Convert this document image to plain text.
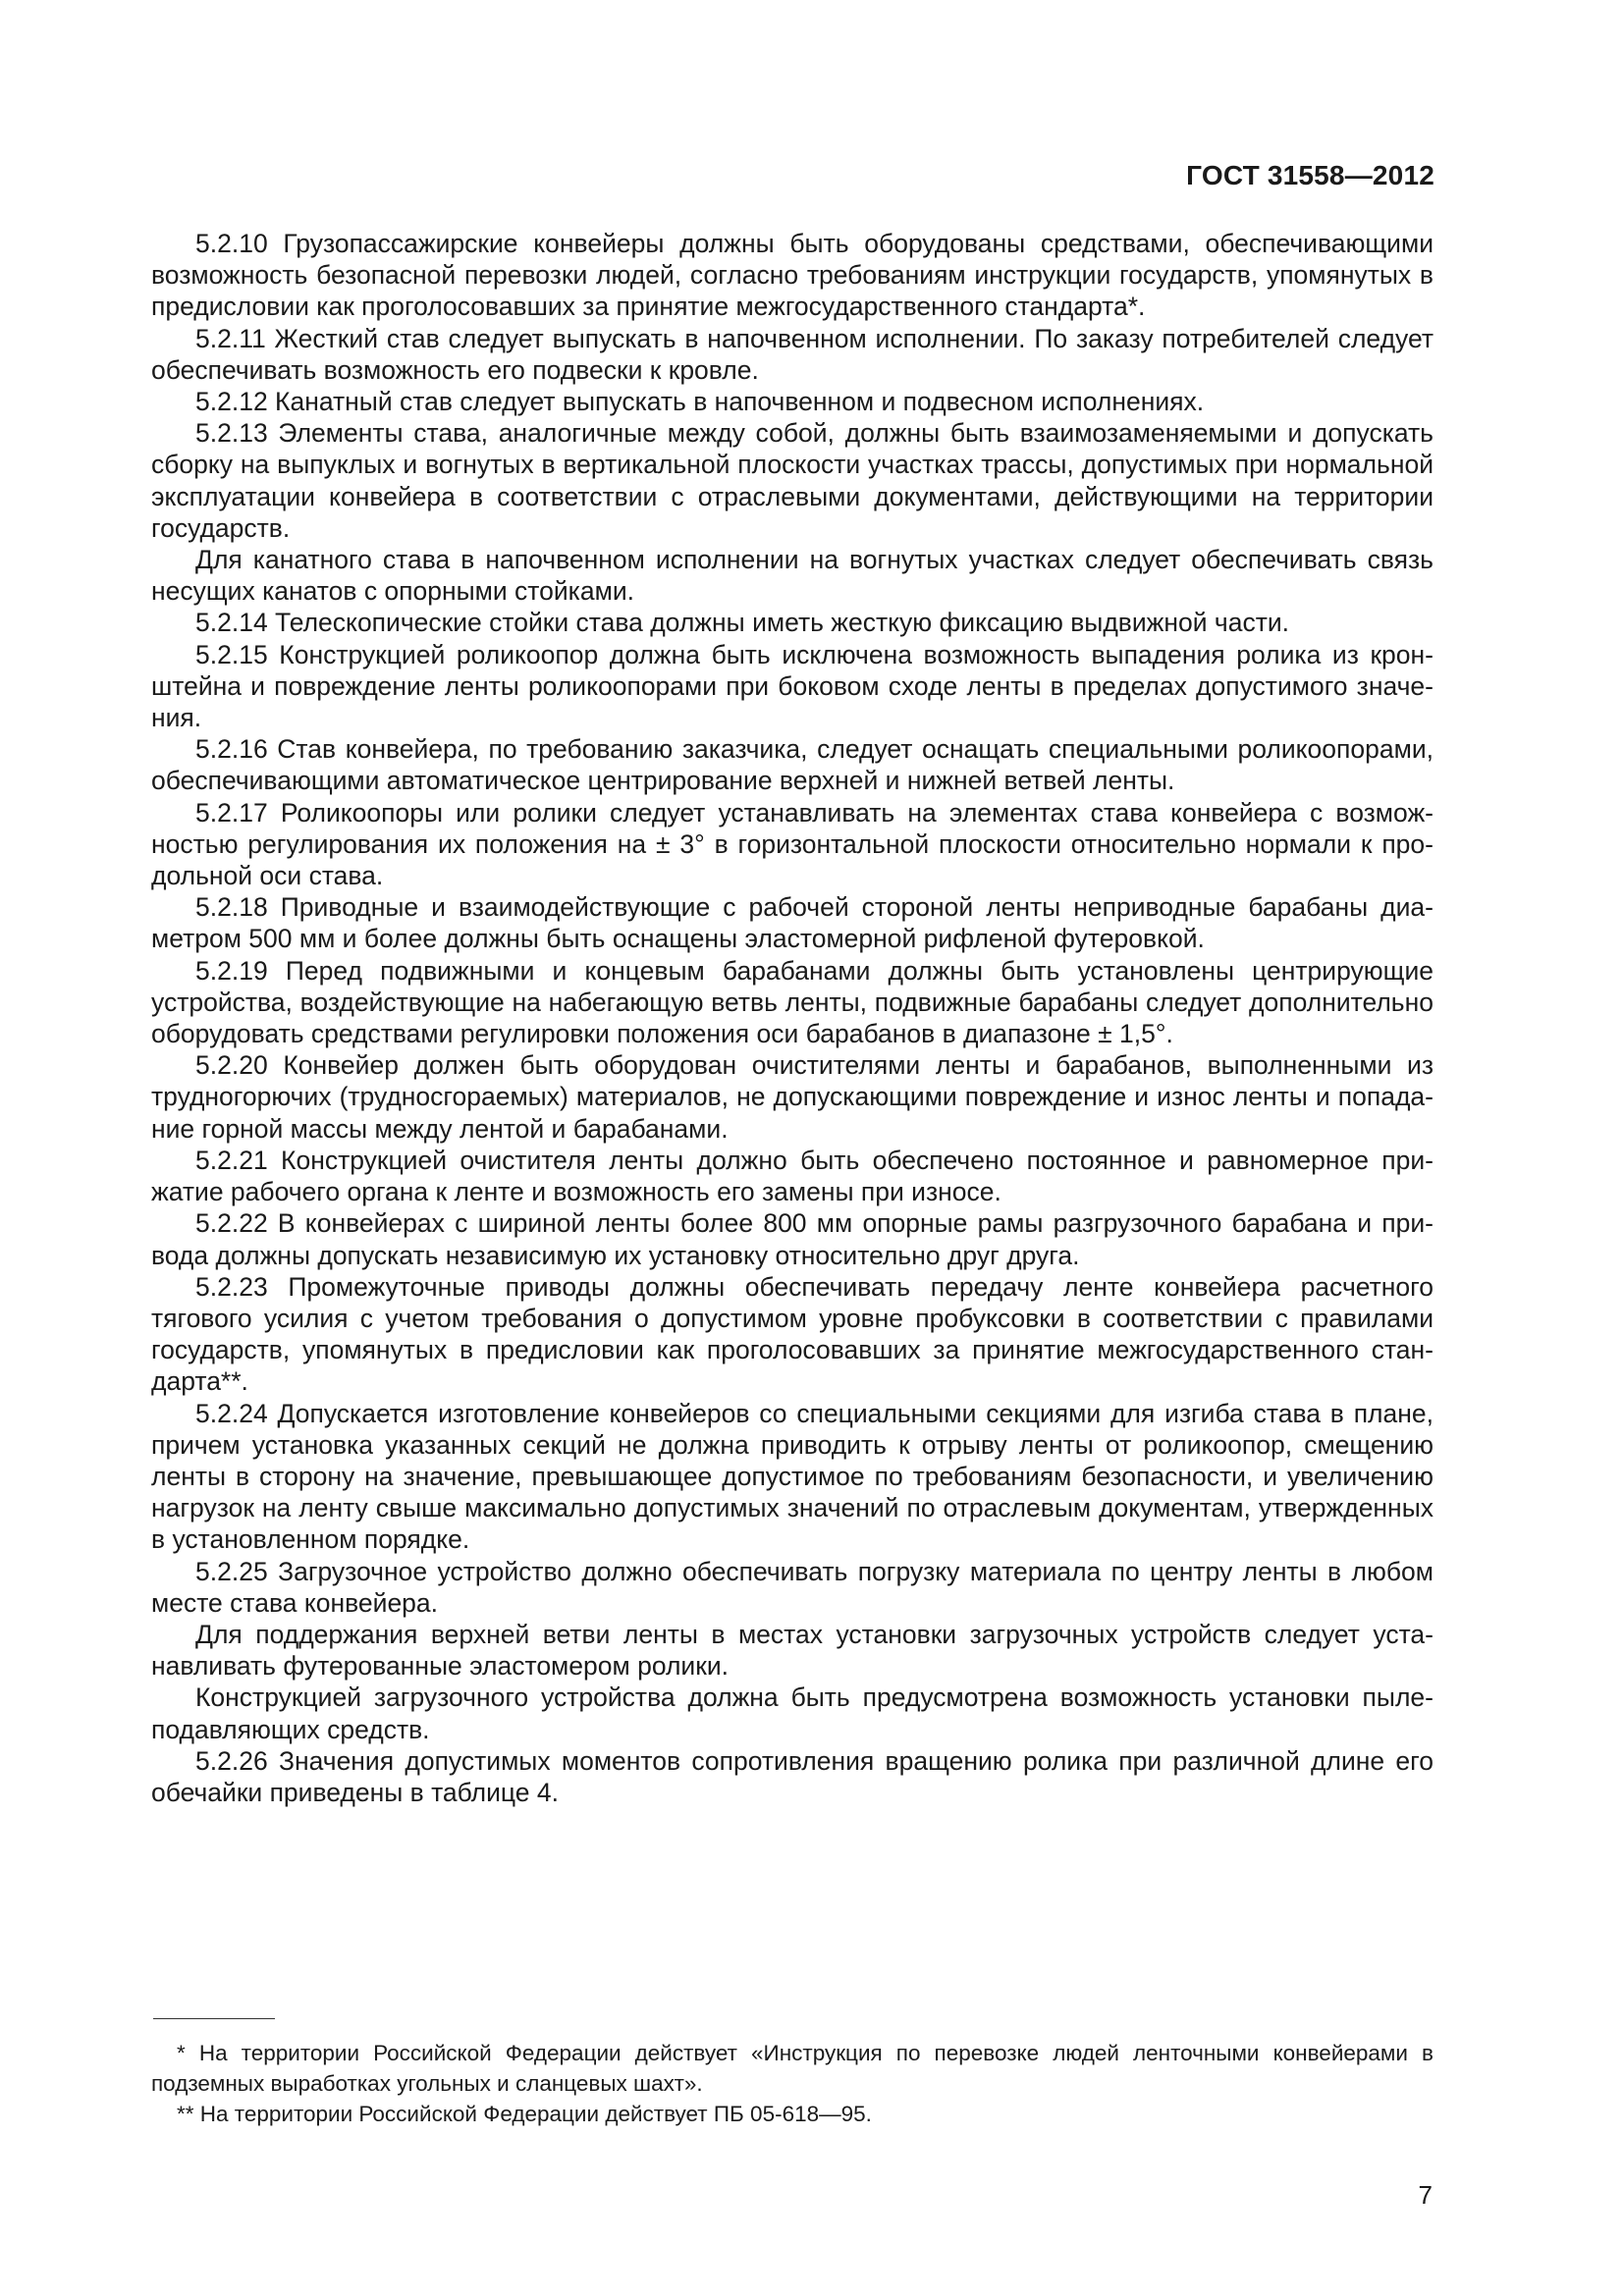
ГОСТ 31558—2012

5.2.10 Грузопассажирские конвейеры должны быть оборудованы средствами, обеспечивающими возможность безопасной перевозки людей, согласно требованиям инструкции государств, упомянутых в предисловии как проголосовавших за принятие межгосударственного стандарта*.

5.2.11 Жесткий став следует выпускать в напочвенном исполнении. По заказу потребителей следует обеспечивать возможность его подвески к кровле.

5.2.12 Канатный став следует выпускать в напочвенном и подвесном исполнениях.

5.2.13 Элементы става, аналогичные между собой, должны быть взаимозаменяемыми и допускать сборку на выпуклых и вогнутых в вертикальной плоскости участках трассы, допустимых при нормальной эксплуатации конвейера в соответствии с отраслевыми документами, действующими на территории государств.

Для канатного става в напочвенном исполнении на вогнутых участках следует обеспечивать связь несущих канатов с опорными стойками.

5.2.14 Телескопические стойки става должны иметь жесткую фиксацию выдвижной части.

5.2.15 Конструкцией роликоопор должна быть исключена возможность выпадения ролика из кронштейна и повреждение ленты роликоопорами при боковом сходе ленты в пределах допустимого значения.

5.2.16 Став конвейера, по требованию заказчика, следует оснащать специальными роликоопорами, обеспечивающими автоматическое центрирование верхней и нижней ветвей ленты.

5.2.17 Роликоопоры или ролики следует устанавливать на элементах става конвейера с возможностью регулирования их положения на ± 3° в горизонтальной плоскости относительно нормали к продольной оси става.

5.2.18 Приводные и взаимодействующие с рабочей стороной ленты неприводные барабаны диаметром 500 мм и более должны быть оснащены эластомерной рифленой футеровкой.

5.2.19 Перед подвижными и концевым барабанами должны быть установлены центрирующие устройства, воздействующие на набегающую ветвь ленты, подвижные барабаны следует дополнительно оборудовать средствами регулировки положения оси барабанов в диапазоне ± 1,5°.

5.2.20 Конвейер должен быть оборудован очистителями ленты и барабанов, выполненными из трудногорючих (трудносгораемых) материалов, не допускающими повреждение и износ ленты и попадание горной массы между лентой и барабанами.

5.2.21 Конструкцией очистителя ленты должно быть обеспечено постоянное и равномерное прижатие рабочего органа к ленте и возможность его замены при износе.

5.2.22 В конвейерах с шириной ленты более 800 мм опорные рамы разгрузочного барабана и привода должны допускать независимую их установку относительно друг друга.

5.2.23 Промежуточные приводы должны обеспечивать передачу ленте конвейера расчетного тягового усилия с учетом требования о допустимом уровне пробуксовки в соответствии с правилами государств, упомянутых в предисловии как проголосовавших за принятие межгосударственного стандарта**.

5.2.24 Допускается изготовление конвейеров со специальными секциями для изгиба става в плане, причем установка указанных секций не должна приводить к отрыву ленты от роликоопор, смещению ленты в сторону на значение, превышающее допустимое по требованиям безопасности, и увеличению нагрузок на ленту свыше максимально допустимых значений по отраслевым документам, утвержденных в установленном порядке.

5.2.25 Загрузочное устройство должно обеспечивать погрузку материала по центру ленты в любом месте става конвейера.

Для поддержания верхней ветви ленты в местах установки загрузочных устройств следует устанавливать футерованные эластомером ролики.

Конструкцией загрузочного устройства должна быть предусмотрена возможность установки пылеподавляющих средств.

5.2.26 Значения допустимых моментов сопротивления вращению ролика при различной длине его обечайки приведены в таблице 4.

* На территории Российской Федерации действует «Инструкция по перевозке людей ленточными конвейерами в подземных выработках угольных и сланцевых шахт».

** На территории Российской Федерации действует ПБ 05-618—95.

7
